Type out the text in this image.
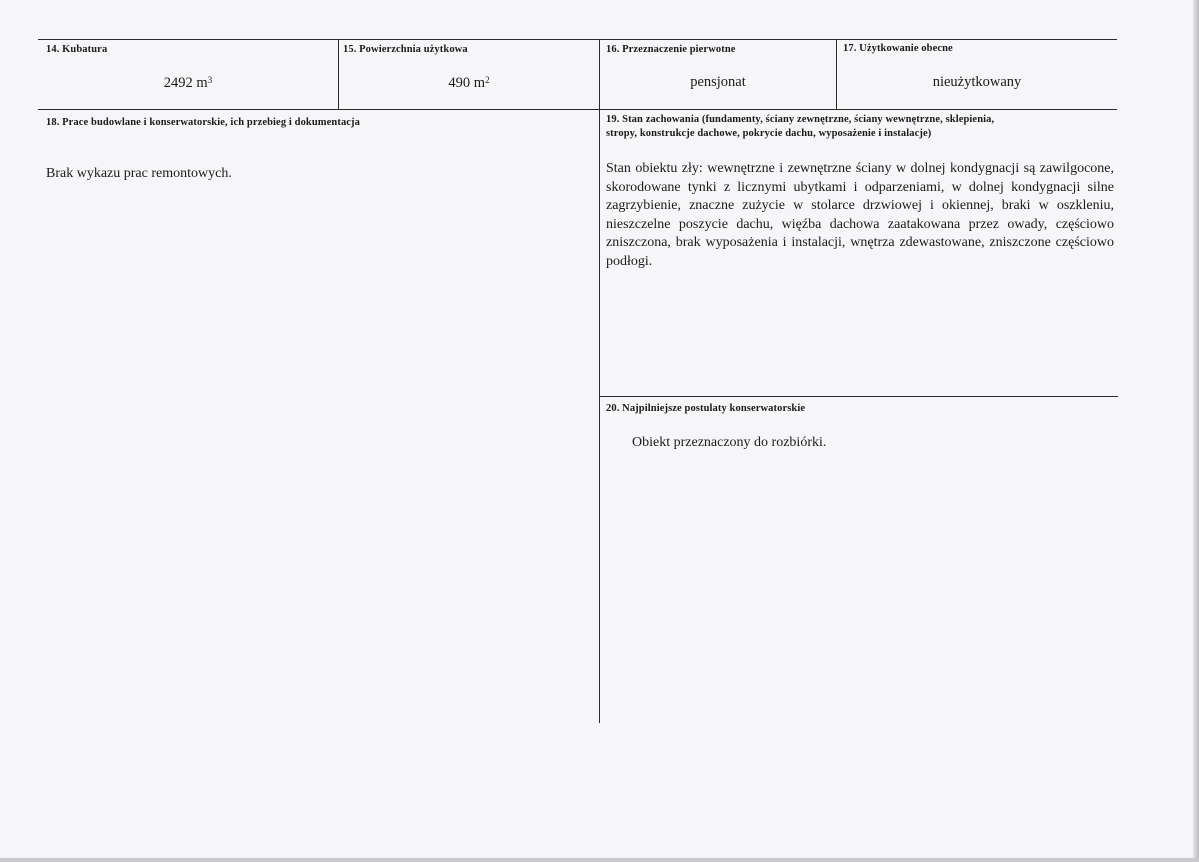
14. Kubatura
2492 $m^3$
15. Powierzchnia użytkowa
490 $m^2$
16. Przeznaczenie pierwotne
pensjonat
17. Użytkowanie obecne
nieużytkowany
18. Prace budowlane i konserwatorskie, ich przebieg i dokumentacja
Brak wykazu prac remontowych.
19. Stan zachowania (fundamenty, ściany zewnętrzne, ściany wewnętrzne, sklepienia,
stropy, konstrukcje dachowe, pokrycie dachu, wyposażenie i instalacje)
Stan obiektu zły: wewnętrzne i zewnętrzne ściany w dolnej kondygnacji są zawilgocone, skorodowane tynki z licznymi ubytkami i odparzeniami, w dolnej kondygnacji silne zagrzybienie, znaczne zużycie w stolarce drzwiowej i okiennej, braki w oszkleniu, nieszczelne poszycie dachu, więźba dachowa zaatakowana przez owady, częściowo zniszczona, brak wyposażenia i instalacji, wnętrza zdewastowane, zniszczone częściowo podłogi.
20. Najpilniejsze postulaty konserwatorskie
Obiekt przeznaczony do rozbiórki.
